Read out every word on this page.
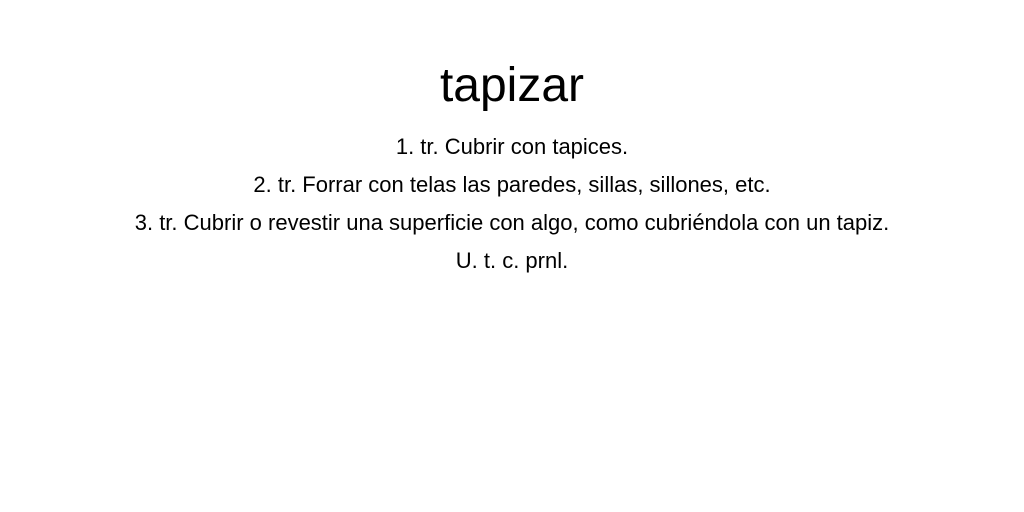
tapizar
1. tr. Cubrir con tapices.
2. tr. Forrar con telas las paredes, sillas, sillones, etc.
3. tr. Cubrir o revestir una superficie con algo, como cubriéndola con un tapiz.
U. t. c. prnl.
